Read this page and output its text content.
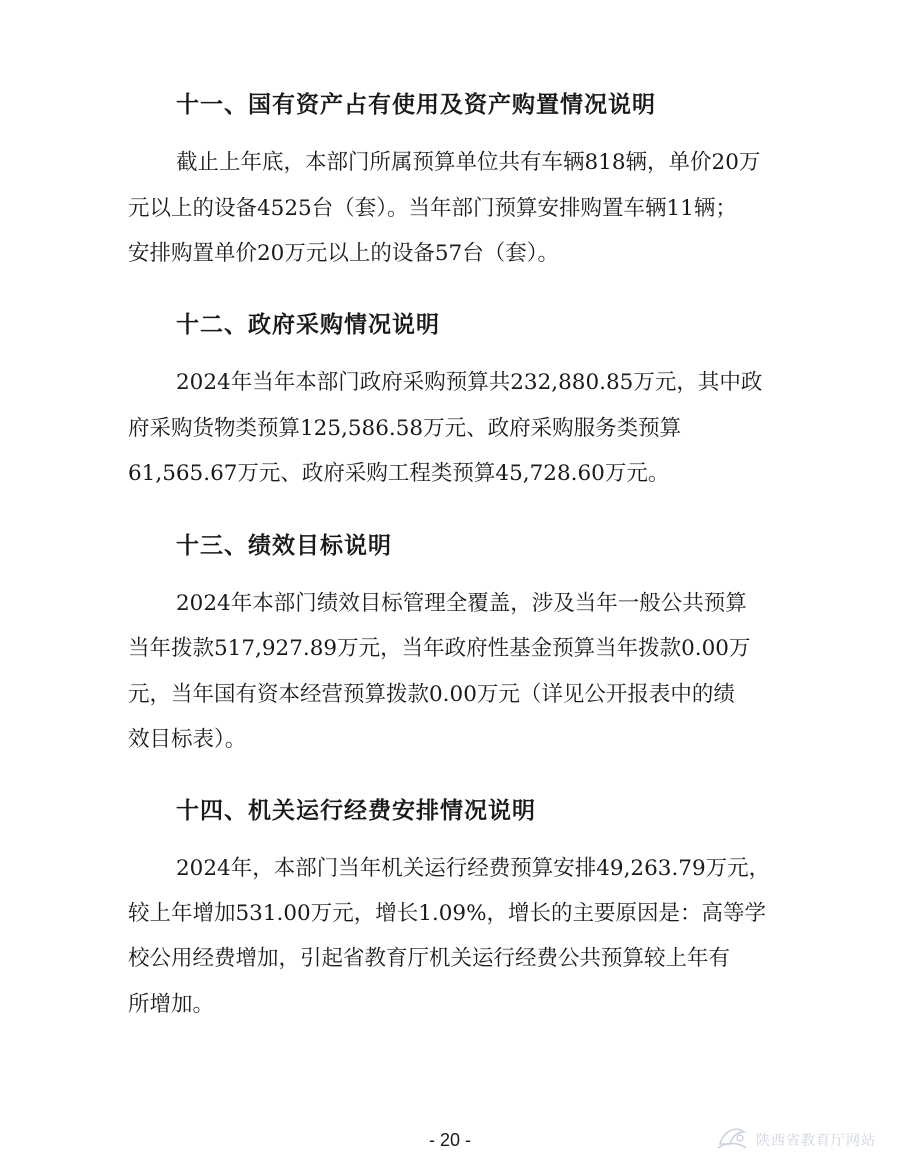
十一、国有资产占有使用及资产购置情况说明
截止上年底，本部门所属预算单位共有车辆818辆，单价20万
元以上的设备4525台（套）。当年部门预算安排购置车辆11辆；
安排购置单价20万元以上的设备57台（套）。
十二、政府采购情况说明
2024年当年本部门政府采购预算共232,880.85万元，其中政
府采购货物类预算125,586.58万元、政府采购服务类预算
61,565.67万元、政府采购工程类预算45,728.60万元。
十三、绩效目标说明
2024年本部门绩效目标管理全覆盖，涉及当年一般公共预算
当年拨款517,927.89万元，当年政府性基金预算当年拨款0.00万
元，当年国有资本经营预算拨款0.00万元（详见公开报表中的绩
效目标表）。
十四、机关运行经费安排情况说明
2024年，本部门当年机关运行经费预算安排49,263.79万元，
较上年增加531.00万元，增长1.09%，增长的主要原因是：高等学
校公用经费增加，引起省教育厅机关运行经费公共预算较上年有
所增加。
- 20 -	陕西省教育厅网站
